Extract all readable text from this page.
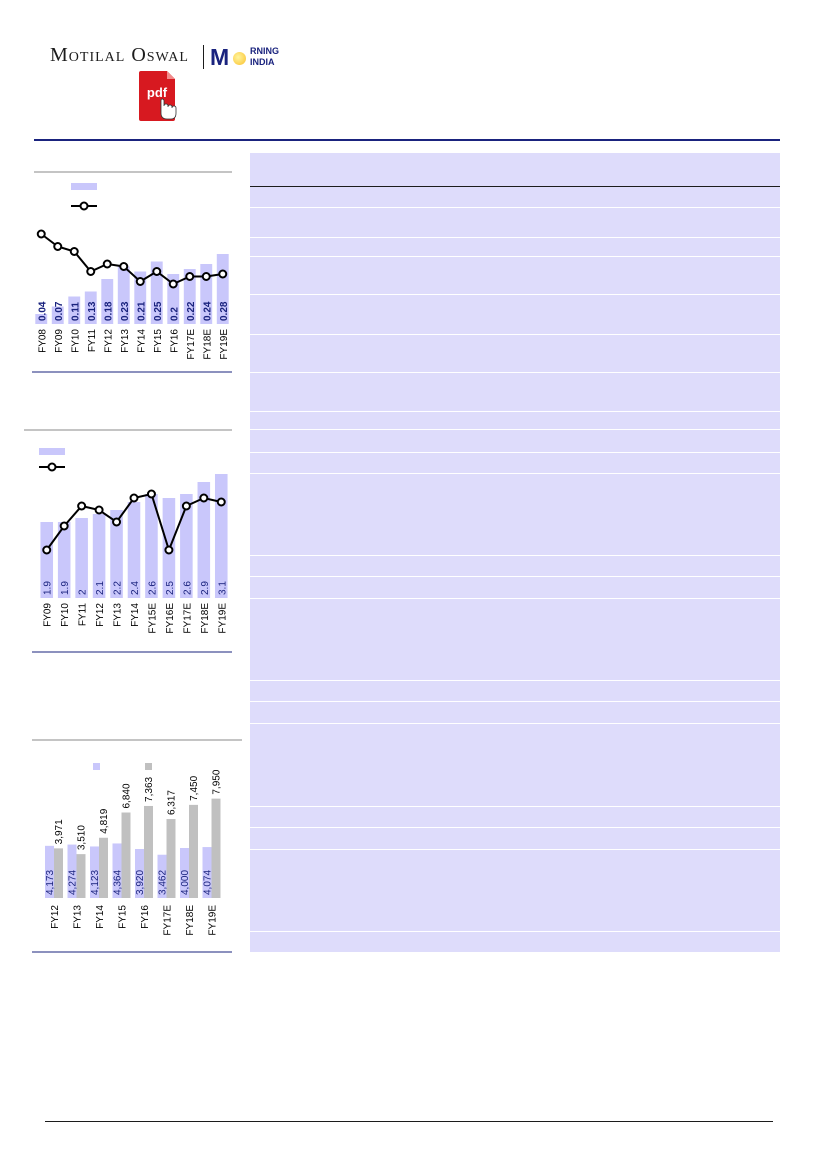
Motilal Oswal M RNING
INDIA
pdf
0.04 0.07 0.11 0.13 0.18 0.23 0.21 0.25 0.2 0.22 0.24 0.28
FY08 FY09 FY10 FY11 FY12 FY13 FY14 FY15 FY16 FY17E FY18E FY19E
1.9 1.9 2 2.1 2.2 2.4 2.6 2.5 2.6 2.9 3.1
FY09 FY10 FY11 FY12 FY13 FY14 FY15E FY16E FY17E FY18E FY19E
4,173
3,971
4,274
3,510
4,123
4,819
4,364
6,840
3,920
7,363
3,462
6,317
4,000
7,450
4,074
7,950
FY12 FY13 FY14 FY15 FY16 FY17E FY18E FY19E
